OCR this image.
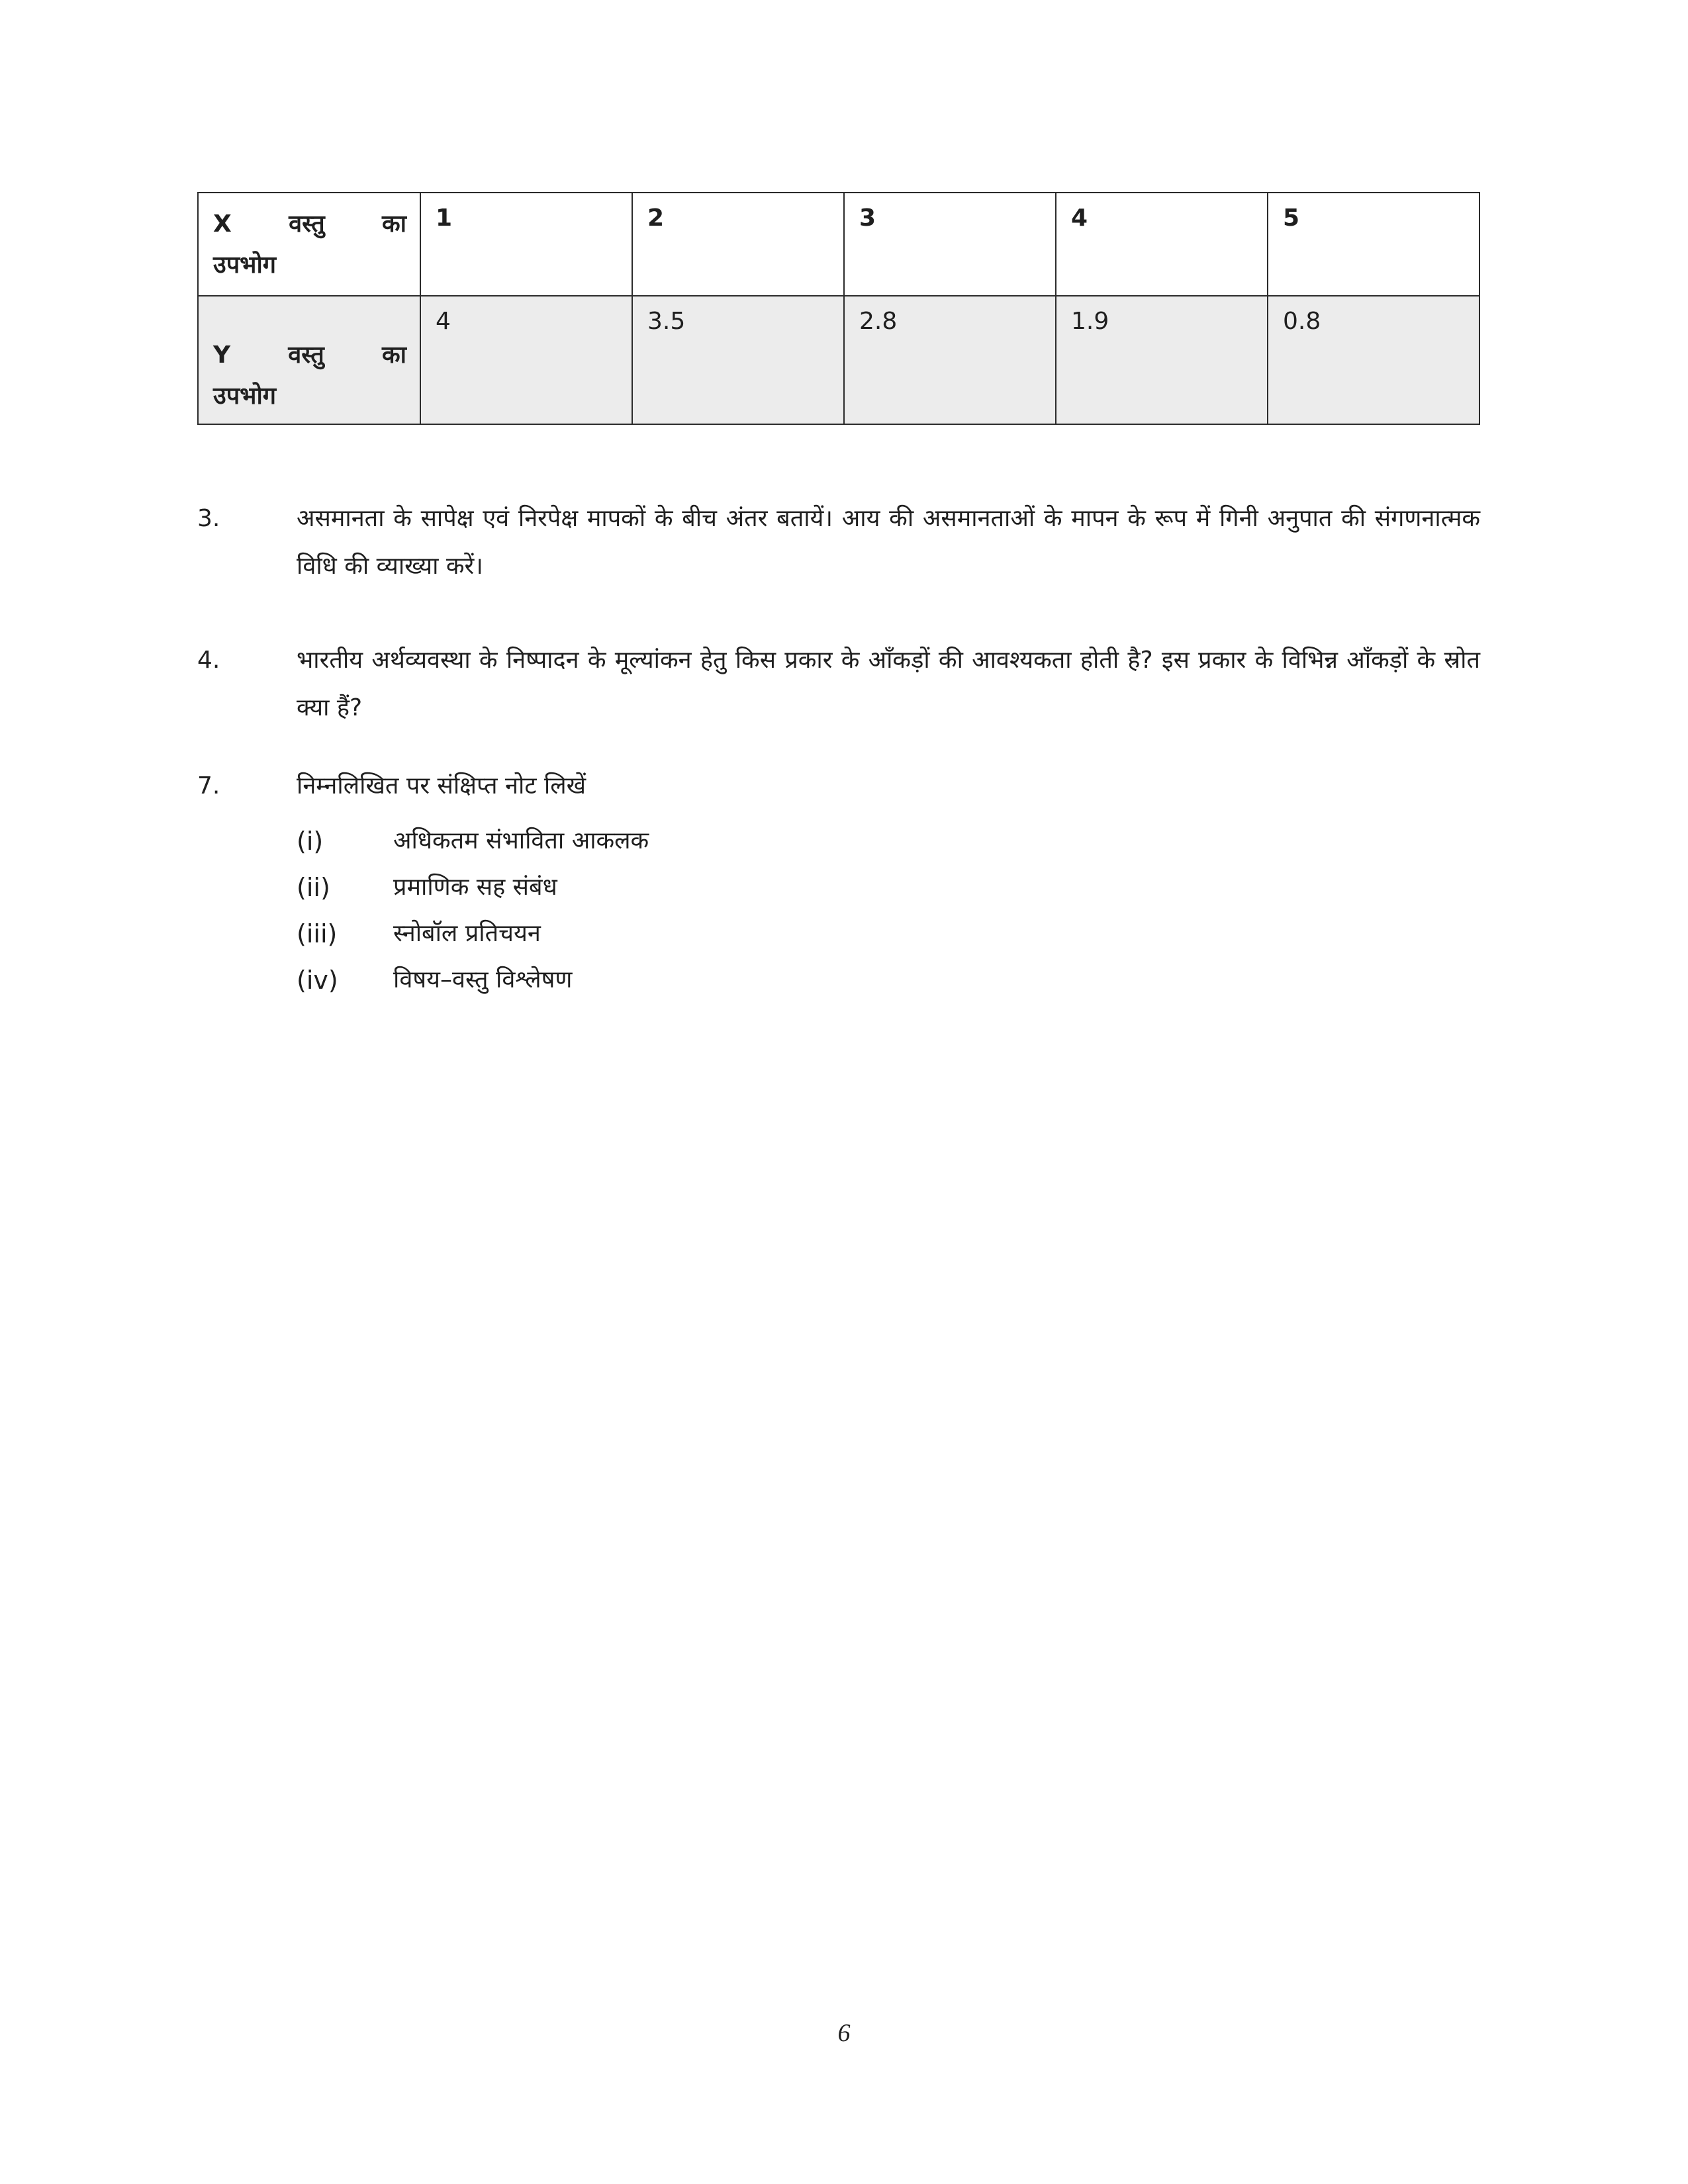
X वस्तु का
उपभोग	1	2	3	4	5

Y वस्तु का
उपभोग	4	3.5	2.8	1.9	0.8
3.	असमानता के सापेक्ष एवं निरपेक्ष मापकों के बीच अंतर बतायें। आय की असमानताओं के मापन के रूप में गिनी अनुपात की संगणनात्मक विधि की व्याख्या करें।
4.	भारतीय अर्थव्यवस्था के निष्पादन के मूल्यांकन हेतु किस प्रकार के आँकड़ों की आवश्यकता होती है? इस प्रकार के विभिन्न आँकड़ों के स्रोत क्या हैं?
7.	निम्नलिखित पर संक्षिप्त नोट लिखें
(i)	अधिकतम संभाविता आकलक
(ii)	प्रमाणिक सह संबंध
(iii)	स्नोबॉल प्रतिचयन
(iv)	विषय–वस्तु विश्लेषण
6
